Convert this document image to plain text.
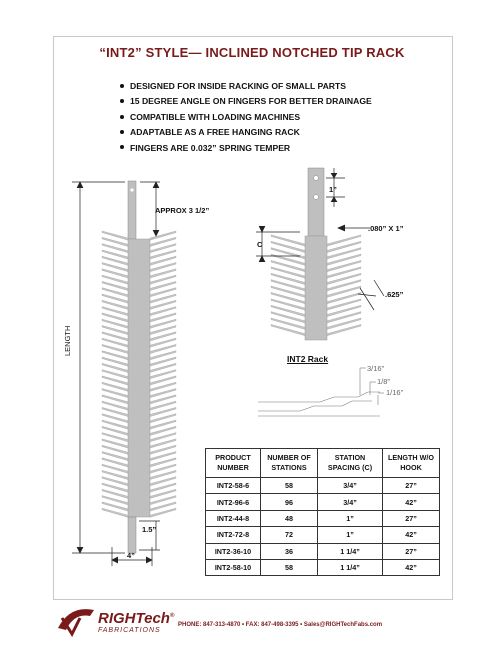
“INT2” STYLE— INCLINED NOTCHED TIP RACK
DESIGNED FOR INSIDE RACKING OF SMALL PARTS
15 DEGREE ANGLE ON FINGERS FOR BETTER DRAINAGE
COMPATIBLE WITH LOADING MACHINES
ADAPTABLE AS A FREE HANGING RACK
FINGERS ARE 0.032” SPRING TEMPER
APPROX 3 1/2”
LENGTH
1.5”
4”
1”
.080” X 1”
C
.625”
INT2 Rack
3/16”
1/8”
1/16”
PRODUCT NUMBER	NUMBER OF STATIONS	STATION SPACING (C)	LENGTH W/O HOOK
INT2-58-6	58	3/4”	27”
INT2-96-6	96	3/4”	42”
INT2-44-8	48	1”	27”
INT2-72-8	72	1”	42”
INT2-36-10	36	1 1/4”	27”
INT2-58-10	58	1 1/4”	42”
RIGHTech®
FABRICATIONS
PHONE: 847-313-4870 • FAX: 847-498-3395 • Sales@RIGHTechFabs.com
